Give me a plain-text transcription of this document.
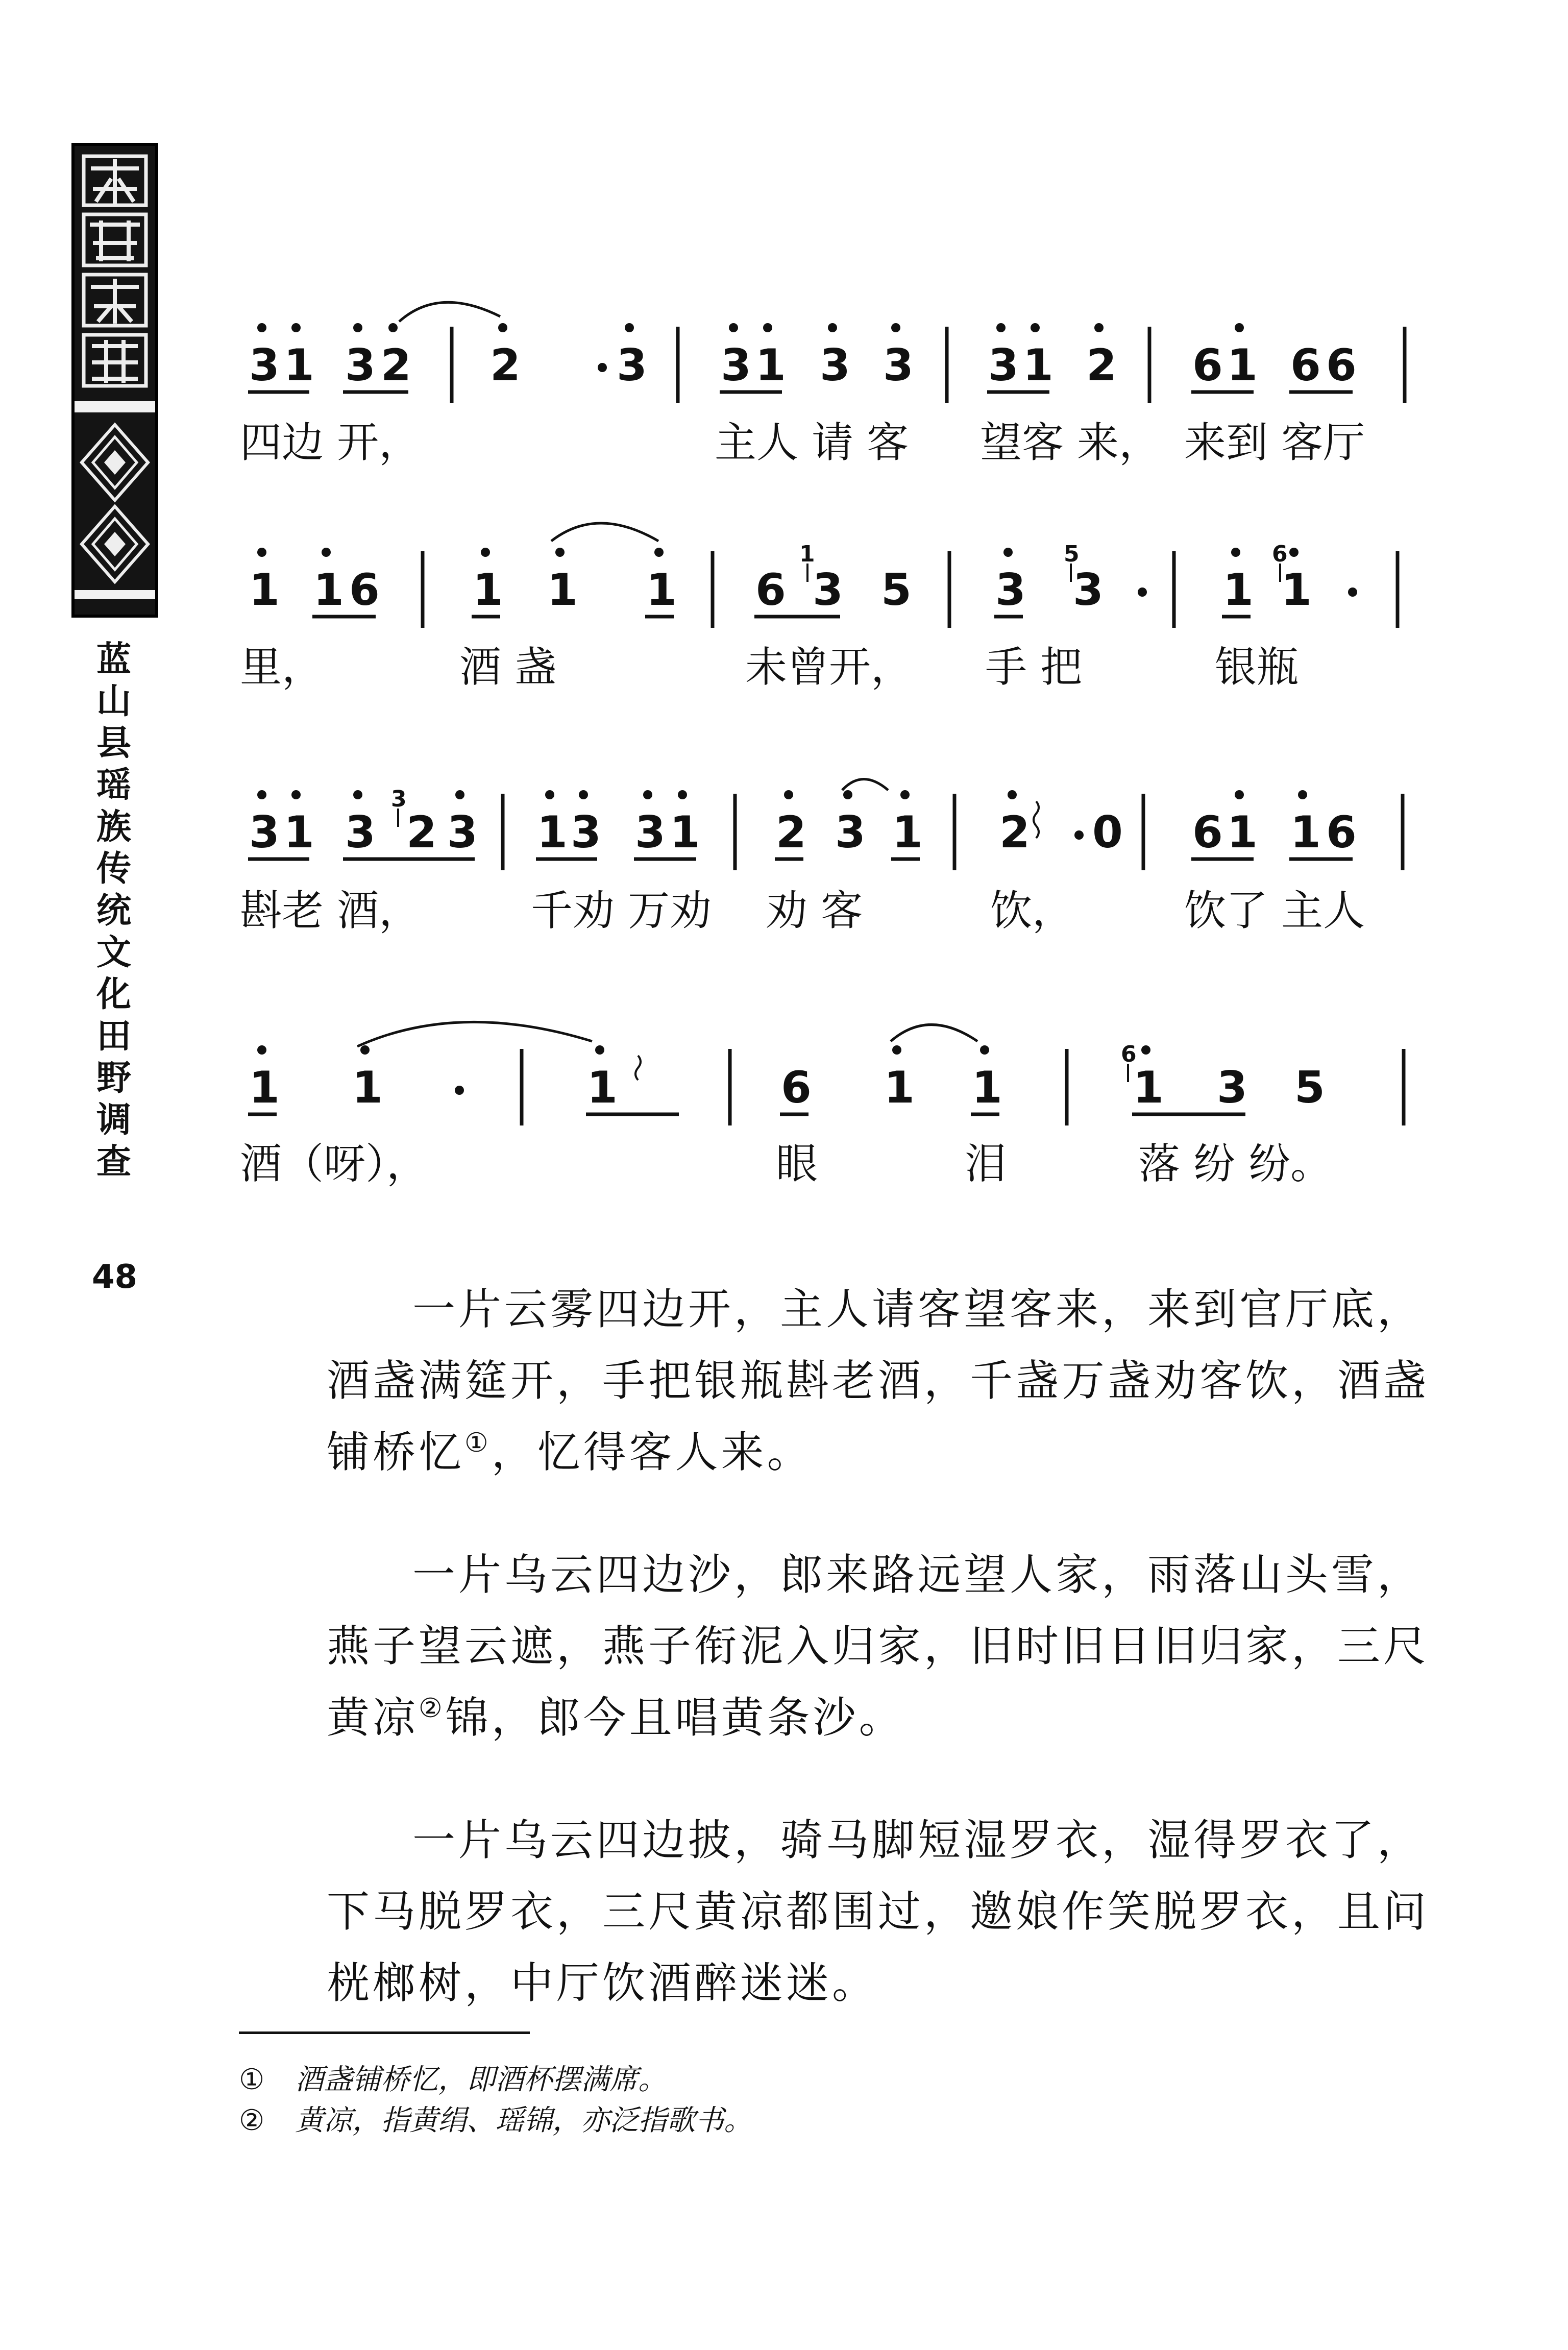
蓝山县瑶族传统文化田野调查
48
3 1 3 2 2 3 3 1 3 3 3 1 2 6 1 6 6
四边 开，	主人 请 客 望客 来， 来到 客厅
1 1 6 1 1 1 6 3 5 3 3	1 1
1	5	6
里，	酒 盏	未曾开， 手 把	银瓶
3 1 3 2 3 1 3 3 1 2 3 1 2 0 6 1 1 6
3
斟老 酒，	千劝 万劝 劝 客	饮，	饮了 主人
1 1	1	6 1 1	1 3 5
6
酒（呀），	眼	泪	落 纷 纷。

一片云雾四边开，主人请客望客来，来到官厅底，酒盏满筵开，手把银瓶斟老酒，千盏万盏劝客饮，酒盏铺桥忆①，忆得客人来。

一片乌云四边沙，郎来路远望人家，雨落山头雪，燕子望云遮，燕子衔泥入归家，旧时旧日旧归家，三尺黄凉②锦，郎今且唱黄条沙。

一片乌云四边披，骑马脚短湿罗衣，湿得罗衣了，下马脱罗衣，三尺黄凉都围过，邀娘作笑脱罗衣，且问桄榔树，中厅饮酒醉迷迷。

① 酒盏铺桥忆，即酒杯摆满席。
② 黄凉，指黄绢、瑶锦，亦泛指歌书。
